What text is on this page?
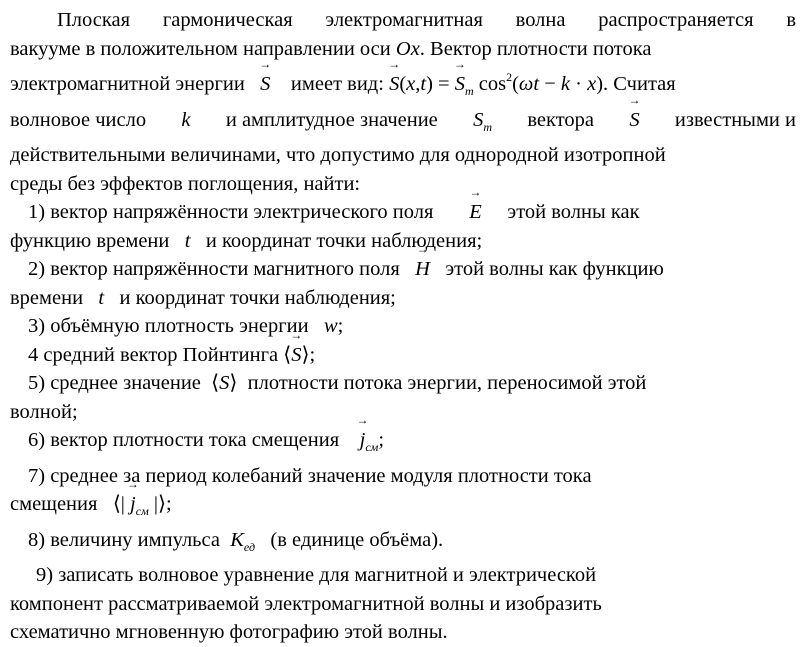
Плоская гармоническая электромагнитная волна распространяется в
вакууме в положительном направлении оси Ox. Вектор плотности потока
электромагнитной энергии S → имеет вид: $S \to(x,t) = S \to_m$ $\cos^2(\omega t - k \cdot x)$. Считая
волновое число k и амплитудное значение $S_m$ вектора S → известными и
действительными величинами, что допустимо для однородной изотропной
среды без эффектов поглощения, найти:
1) вектор напряжённости электрического поля E → этой волны как
функцию времени t и координат точки наблюдения;
2) вектор напряжённости магнитного поля H → этой волны как функцию
времени t и координат точки наблюдения;
3) объёмную плотность энергии w;
4 средний вектор Пойнтинга ⟨S →⟩;
5) среднее значение ⟨S⟩ плотности потока энергии, переносимой этой
волной;
6) вектор плотности тока смещения $j \to_{см}$;
7) среднее за период колебаний значение модуля плотности тока
смещения ⟨| $j \to_{см}$ |⟩;
8) величину импульса $K_{ед}$ (в единице объёма).
9) записать волновое уравнение для магнитной и электрической
компонент рассматриваемой электромагнитной волны и изобразить
схематично мгновенную фотографию этой волны.
